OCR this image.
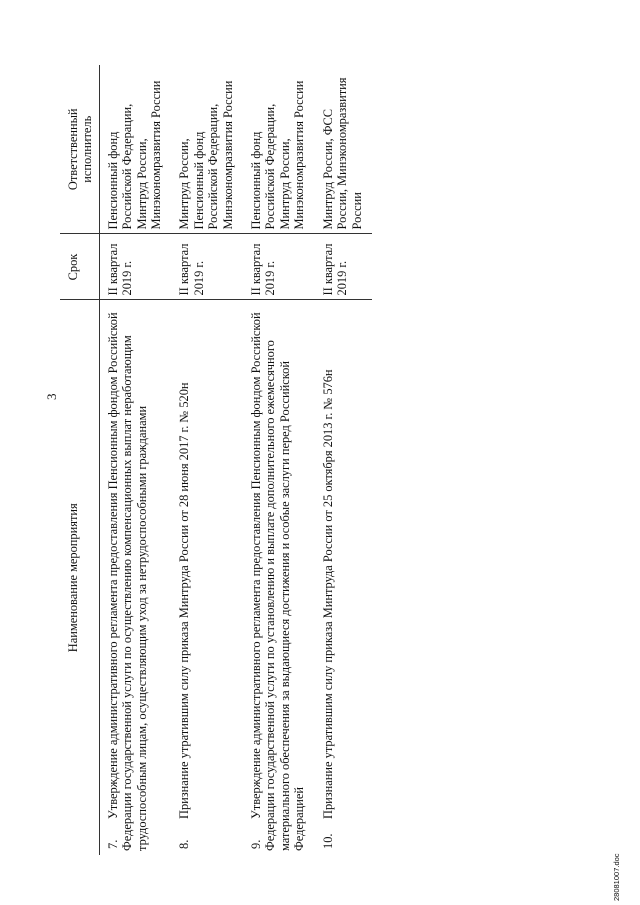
3
Наименование мероприятия	Срок	Ответственный
исполнитель
7.Утверждение административного регламента предоставления Пенсионным фондом Российской Федерации государственной услуги по осуществлению компенсационных выплат неработающим трудоспособным лицам, осуществляющим уход за нетрудоспособными гражданами	II квартал 2019 г.	Пенсионный фонд Российской Федерации, Минтруд России, Минэкономразвития России
8.Признание утратившим силу приказа Минтруда России от 28 июня 2017 г. № 520н	II квартал 2019 г.	Минтруд России, Пенсионный фонд Российской Федерации, Минэкономразвития России
9.Утверждение административного регламента предоставления Пенсионным фондом Российской Федерации государственной услуги по установлению и выплате дополнительного ежемесячного материального обеспечения за выдающиеся достижения и особые заслуги перед Российской Федерацией	II квартал 2019 г.	Пенсионный фонд Российской Федерации, Минтруд России, Минэкономразвития России
10.Признание утратившим силу приказа Минтруда России от 25 октября 2013 г. № 576н	II квартал 2019 г.	Минтруд России, ФСС России, Минэкономразвития России
28081007.doc
